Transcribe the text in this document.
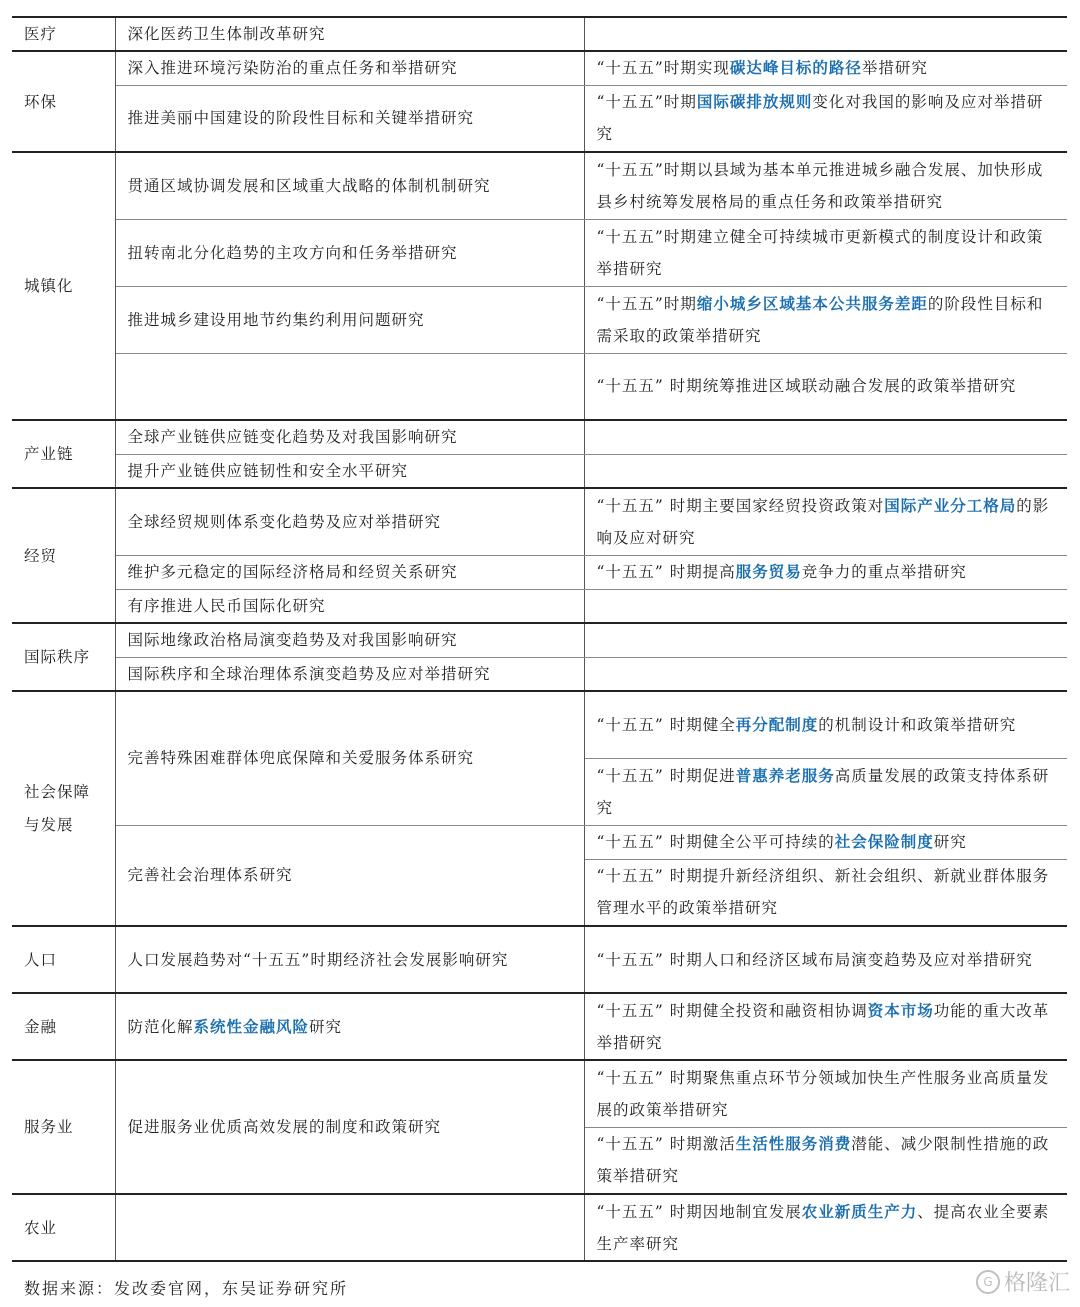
医疗	深化医药卫生体制改革研究	
环保	深入推进环境污染防治的重点任务和举措研究	“十五五”时期实现碳达峰目标的路径举措研究
	推进美丽中国建设的阶段性目标和关键举措研究	“十五五”时期国际碳排放规则变化对我国的影响及应对举措研究
城镇化	贯通区域协调发展和区域重大战略的体制机制研究	“十五五”时期以县域为基本单元推进城乡融合发展、加快形成县乡村统筹发展格局的重点任务和政策举措研究
	扭转南北分化趋势的主攻方向和任务举措研究	“十五五”时期建立健全可持续城市更新模式的制度设计和政策举措研究
	推进城乡建设用地节约集约利用问题研究	“十五五”时期缩小城乡区域基本公共服务差距的阶段性目标和需采取的政策举措研究
		“十五五” 时期统筹推进区域联动融合发展的政策举措研究
产业链	全球产业链供应链变化趋势及对我国影响研究	
	提升产业链供应链韧性和安全水平研究	
经贸	全球经贸规则体系变化趋势及应对举措研究	“十五五” 时期主要国家经贸投资政策对国际产业分工格局的影响及应对研究
	维护多元稳定的国际经济格局和经贸关系研究	“十五五” 时期提高服务贸易竞争力的重点举措研究
	有序推进人民币国际化研究	
国际秩序	国际地缘政治格局演变趋势及对我国影响研究	
	国际秩序和全球治理体系演变趋势及应对举措研究	
社会保障与发展	完善特殊困难群体兜底保障和关爱服务体系研究	“十五五” 时期健全再分配制度的机制设计和政策举措研究
		“十五五” 时期促进普惠养老服务高质量发展的政策支持体系研究
	完善社会治理体系研究	“十五五” 时期健全公平可持续的社会保险制度研究
		“十五五” 时期提升新经济组织、新社会组织、新就业群体服务管理水平的政策举措研究
人口	人口发展趋势对“十五五”时期经济社会发展影响研究	“十五五” 时期人口和经济区域布局演变趋势及应对举措研究
金融	防范化解系统性金融风险研究	“十五五” 时期健全投资和融资相协调资本市场功能的重大改革举措研究
服务业	促进服务业优质高效发展的制度和政策研究	“十五五” 时期聚焦重点环节分领域加快生产性服务业高质量发展的政策举措研究
		“十五五” 时期激活生活性服务消费潜能、减少限制性措施的政策举措研究
农业		“十五五” 时期因地制宜发展农业新质生产力、提高农业全要素生产率研究
数据来源：发改委官网，东吴证券研究所	G 格隆汇
